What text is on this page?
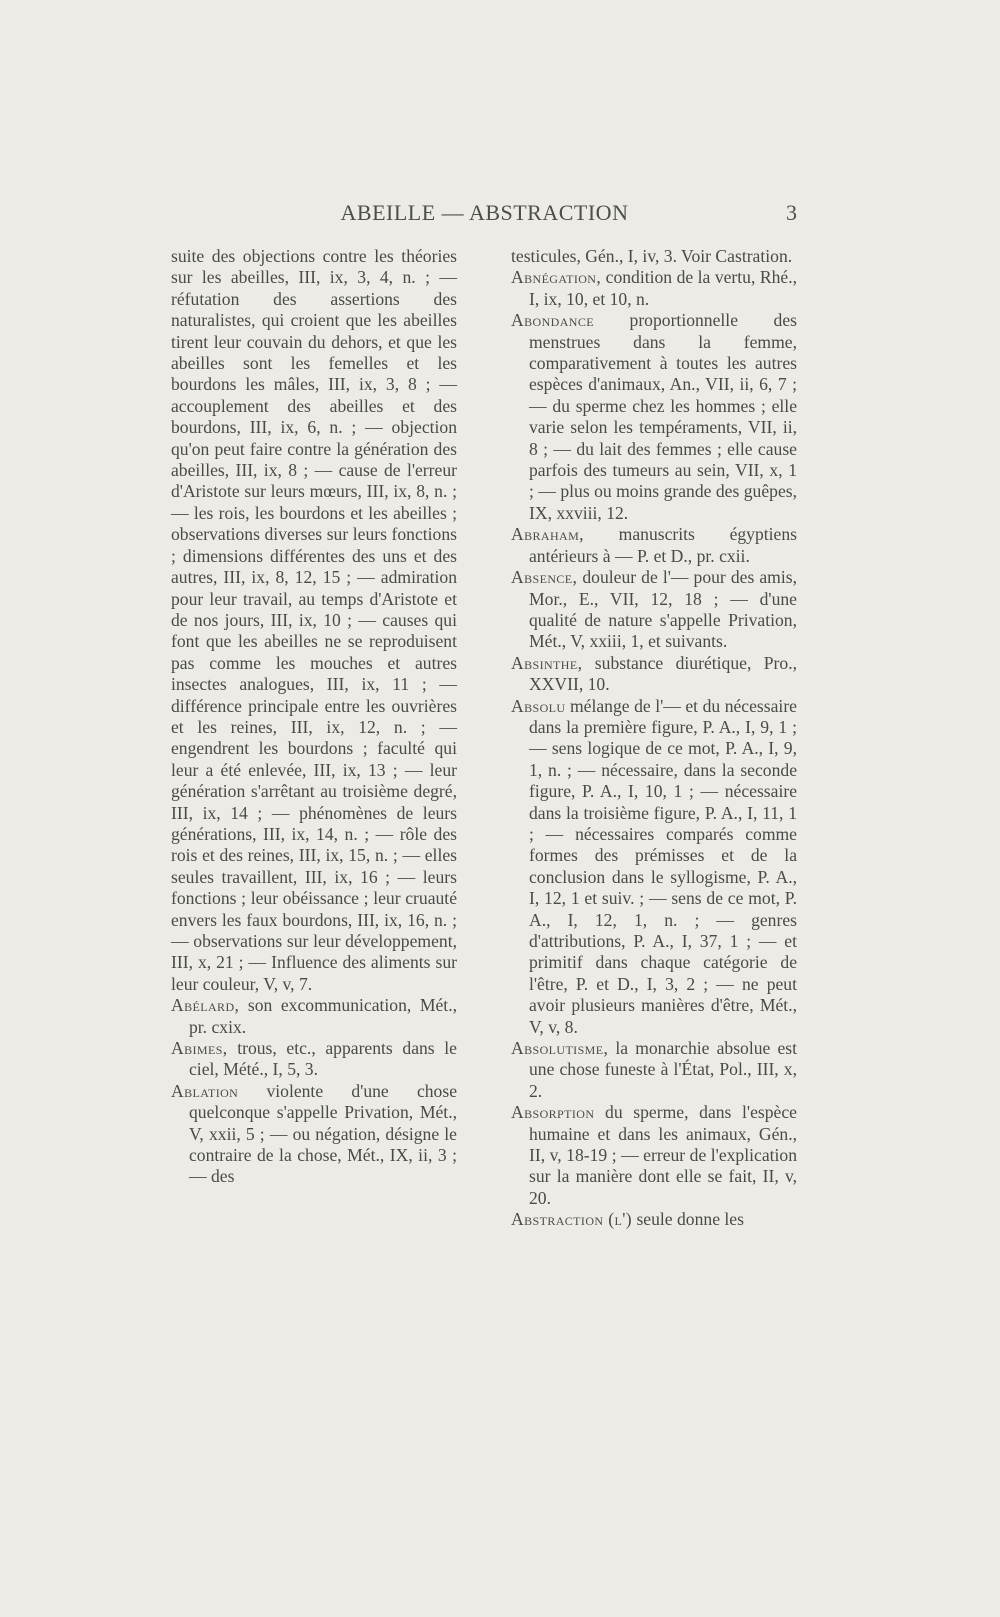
ABEILLE — ABSTRACTION	3

suite des objections contre les théories sur les abeilles, III, ix, 3, 4, n. ; — réfutation des assertions des naturalistes, qui croient que les abeilles tirent leur couvain du dehors, et que les abeilles sont les femelles et les bourdons les mâles, III, ix, 3, 8 ; — accouplement des abeilles et des bourdons, III, ix, 6, n. ; — objection qu'on peut faire contre la génération des abeilles, III, ix, 8 ; — cause de l'erreur d'Aristote sur leurs mœurs, III, ix, 8, n. ; — les rois, les bourdons et les abeilles ; observations diverses sur leurs fonctions ; dimensions différentes des uns et des autres, III, ix, 8, 12, 15 ; — admiration pour leur travail, au temps d'Aristote et de nos jours, III, ix, 10 ; — causes qui font que les abeilles ne se reproduisent pas comme les mouches et autres insectes analogues, III, ix, 11 ; — différence principale entre les ouvrières et les reines, III, ix, 12, n. ; — engendrent les bourdons ; faculté qui leur a été enlevée, III, ix, 13 ; — leur génération s'arrêtant au troisième degré, III, ix, 14 ; — phénomènes de leurs générations, III, ix, 14, n. ; — rôle des rois et des reines, III, ix, 15, n. ; — elles seules travaillent, III, ix, 16 ; — leurs fonctions ; leur obéissance ; leur cruauté envers les faux bourdons, III, ix, 16, n. ; — observations sur leur développement, III, x, 21 ; — Influence des aliments sur leur couleur, V, v, 7.

Abélard, son excommunication, Mét., pr. cxix.

Abimes, trous, etc., apparents dans le ciel, Mété., I, 5, 3.

Ablation violente d'une chose quelconque s'appelle Privation, Mét., V, xxii, 5 ; — ou négation, désigne le contraire de la chose, Mét., IX, ii, 3 ; — des

testicules, Gén., I, iv, 3. Voir Castration.

Abnégation, condition de la vertu, Rhé., I, ix, 10, et 10, n.

Abondance proportionnelle des menstrues dans la femme, comparativement à toutes les autres espèces d'animaux, An., VII, ii, 6, 7 ; — du sperme chez les hommes ; elle varie selon les tempéraments, VII, ii, 8 ; — du lait des femmes ; elle cause parfois des tumeurs au sein, VII, x, 1 ; — plus ou moins grande des guêpes, IX, xxviii, 12.

Abraham, manuscrits égyptiens antérieurs à — P. et D., pr. cxii.

Absence, douleur de l'— pour des amis, Mor., E., VII, 12, 18 ; — d'une qualité de nature s'appelle Privation, Mét., V, xxiii, 1, et suivants.

Absinthe, substance diurétique, Pro., XXVII, 10.

Absolu mélange de l'— et du nécessaire dans la première figure, P. A., I, 9, 1 ; — sens logique de ce mot, P. A., I, 9, 1, n. ; — nécessaire, dans la seconde figure, P. A., I, 10, 1 ; — nécessaire dans la troisième figure, P. A., I, 11, 1 ; — nécessaires comparés comme formes des prémisses et de la conclusion dans le syllogisme, P. A., I, 12, 1 et suiv. ; — sens de ce mot, P. A., I, 12, 1, n. ; — genres d'attributions, P. A., I, 37, 1 ; — et primitif dans chaque catégorie de l'être, P. et D., I, 3, 2 ; — ne peut avoir plusieurs manières d'être, Mét., V, v, 8.

Absolutisme, la monarchie absolue est une chose funeste à l'État, Pol., III, x, 2.

Absorption du sperme, dans l'espèce humaine et dans les animaux, Gén., II, v, 18-19 ; — erreur de l'explication sur la manière dont elle se fait, II, v, 20.

Abstraction (l') seule donne les
